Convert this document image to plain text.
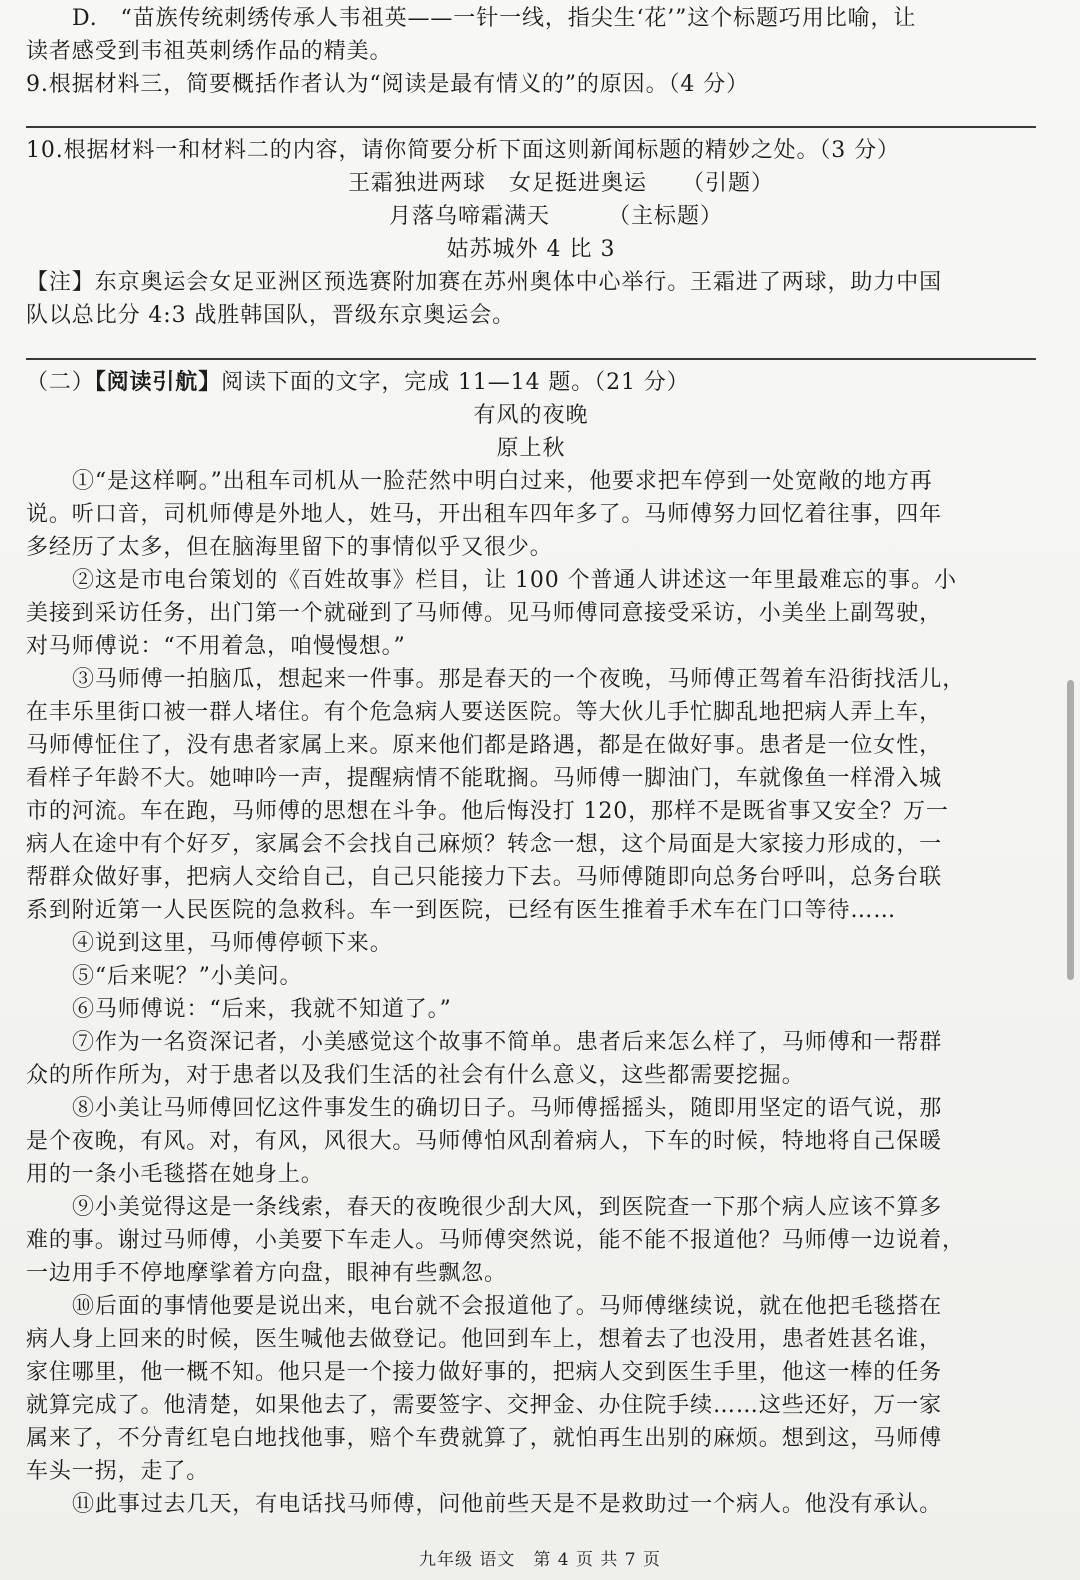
D.　“苗族传统刺绣传承人韦祖英——一针一线，指尖生‘花’”这个标题巧用比喻，让

读者感受到韦祖英刺绣作品的精美。

9.根据材料三，简要概括作者认为“阅读是最有情义的”的原因。（4 分）

10.根据材料一和材料二的内容，请你简要分析下面这则新闻标题的精妙之处。（3 分）

王霜独进两球　女足挺进奥运　　（引题）
月落乌啼霜满天　　　（主标题）
姑苏城外 4 比 3

【注】东京奥运会女足亚洲区预选赛附加赛在苏州奥体中心举行。王霜进了两球，助力中国

队以总比分 4:3 战胜韩国队，晋级东京奥运会。

（二）【阅读引航】阅读下面的文字，完成 11—14 题。（21 分）

有风的夜晚
原上秋

①“是这样啊。”出租车司机从一脸茫然中明白过来，他要求把车停到一处宽敞的地方再

说。听口音，司机师傅是外地人，姓马，开出租车四年多了。马师傅努力回忆着往事，四年

多经历了太多，但在脑海里留下的事情似乎又很少。

②这是市电台策划的《百姓故事》栏目，让 100 个普通人讲述这一年里最难忘的事。小

美接到采访任务，出门第一个就碰到了马师傅。见马师傅同意接受采访，小美坐上副驾驶，

对马师傅说：“不用着急，咱慢慢想。”

③马师傅一拍脑瓜，想起来一件事。那是春天的一个夜晚，马师傅正驾着车沿街找活儿，

在丰乐里街口被一群人堵住。有个危急病人要送医院。等大伙儿手忙脚乱地把病人弄上车，

马师傅怔住了，没有患者家属上来。原来他们都是路遇，都是在做好事。患者是一位女性，

看样子年龄不大。她呻吟一声，提醒病情不能耽搁。马师傅一脚油门，车就像鱼一样滑入城

市的河流。车在跑，马师傅的思想在斗争。他后悔没打 120，那样不是既省事又安全？万一

病人在途中有个好歹，家属会不会找自己麻烦？转念一想，这个局面是大家接力形成的，一

帮群众做好事，把病人交给自己，自己只能接力下去。马师傅随即向总务台呼叫，总务台联

系到附近第一人民医院的急救科。车一到医院，已经有医生推着手术车在门口等待……

④说到这里，马师傅停顿下来。

⑤“后来呢？”小美问。

⑥马师傅说：“后来，我就不知道了。”

⑦作为一名资深记者，小美感觉这个故事不简单。患者后来怎么样了，马师傅和一帮群

众的所作所为，对于患者以及我们生活的社会有什么意义，这些都需要挖掘。

⑧小美让马师傅回忆这件事发生的确切日子。马师傅摇摇头，随即用坚定的语气说，那

是个夜晚，有风。对，有风，风很大。马师傅怕风刮着病人，下车的时候，特地将自己保暖

用的一条小毛毯搭在她身上。

⑨小美觉得这是一条线索，春天的夜晚很少刮大风，到医院查一下那个病人应该不算多

难的事。谢过马师傅，小美要下车走人。马师傅突然说，能不能不报道他？马师傅一边说着，

一边用手不停地摩挲着方向盘，眼神有些飘忽。

⑩后面的事情他要是说出来，电台就不会报道他了。马师傅继续说，就在他把毛毯搭在

病人身上回来的时候，医生喊他去做登记。他回到车上，想着去了也没用，患者姓甚名谁，

家住哪里，他一概不知。他只是一个接力做好事的，把病人交到医生手里，他这一棒的任务

就算完成了。他清楚，如果他去了，需要签字、交押金、办住院手续……这些还好，万一家

属来了，不分青红皂白地找他事，赔个车费就算了，就怕再生出别的麻烦。想到这，马师傅

车头一拐，走了。

⑪此事过去几天，有电话找马师傅，问他前些天是不是救助过一个病人。他没有承认。

九年级 语文　第 4 页 共 7 页
